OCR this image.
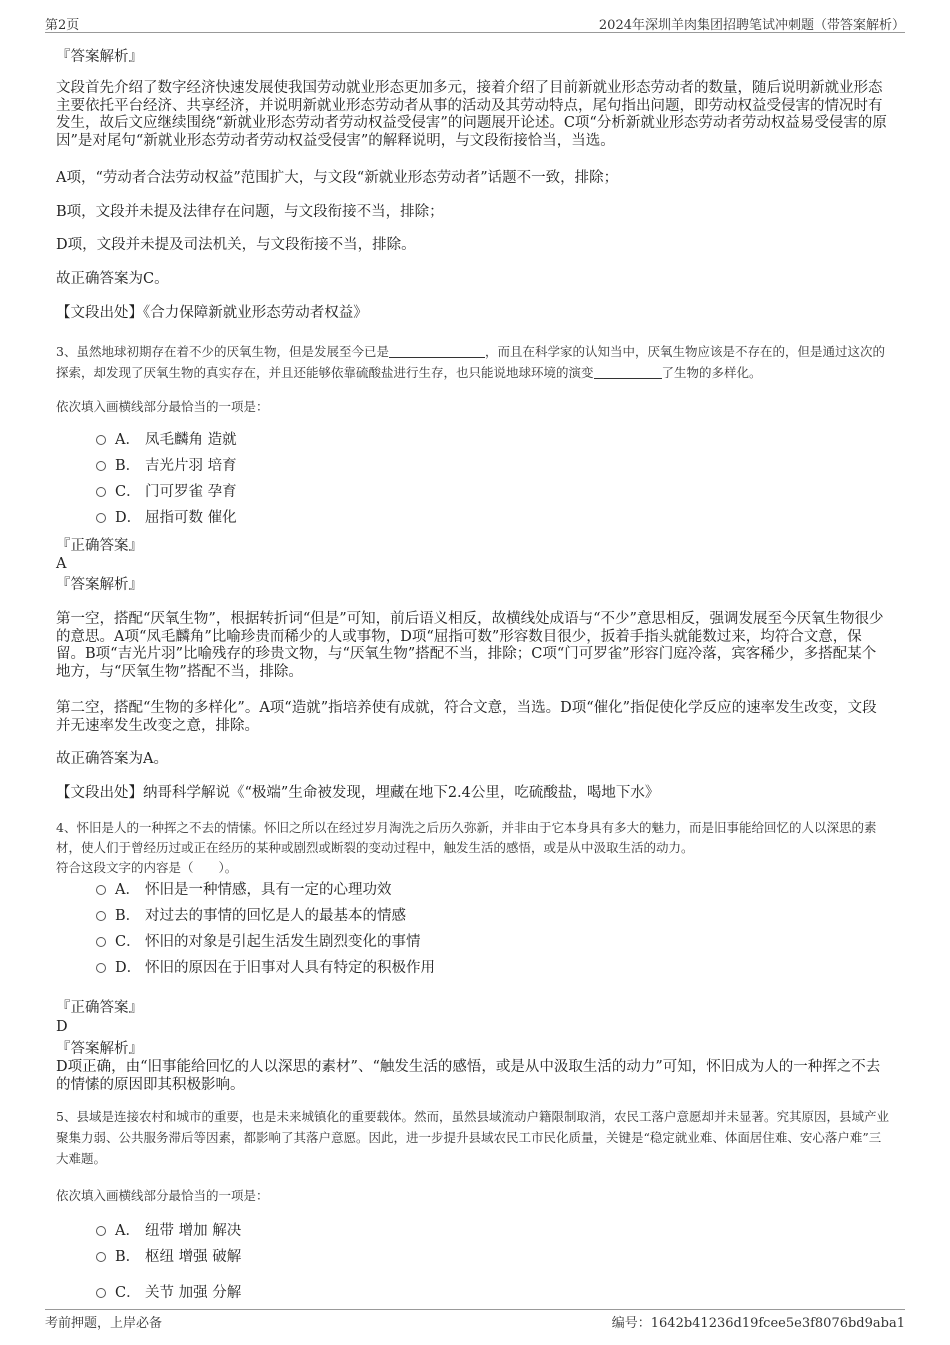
第2页	2024年深圳羊肉集团招聘笔试冲刺题（带答案解析）

『答案解析』

文段首先介绍了数字经济快速发展使我国劳动就业形态更加多元，接着介绍了目前新就业形态劳动者的数量，随后说明新就业形态主要依托平台经济、共享经济，并说明新就业形态劳动者从事的活动及其劳动特点，尾句指出问题，即劳动权益受侵害的情况时有发生，故后文应继续围绕“新就业形态劳动者劳动权益受侵害”的问题展开论述。C项“分析新就业形态劳动者劳动权益易受侵害的原因”是对尾句“新就业形态劳动者劳动权益受侵害”的解释说明，与文段衔接恰当，当选。

A项，“劳动者合法劳动权益”范围扩大，与文段“新就业形态劳动者”话题不一致，排除；

B项，文段并未提及法律存在问题，与文段衔接不当，排除；

D项，文段并未提及司法机关，与文段衔接不当，排除。

故正确答案为C。

【文段出处】《合力保障新就业形态劳动者权益》

3、虽然地球初期存在着不少的厌氧生物，但是发展至今已是	，而且在科学家的认知当中，厌氧生物应该是不存在的，但是通过这次的探索，却发现了厌氧生物的真实存在，并且还能够依靠硫酸盐进行生存，也只能说地球环境的演变	了生物的多样化。

依次填入画横线部分最恰当的一项是：

A． 凤毛麟角 造就
B． 吉光片羽 培育
C． 门可罗雀 孕育
D． 屈指可数 催化

『正确答案』

A

『答案解析』

第一空，搭配“厌氧生物”，根据转折词“但是”可知，前后语义相反，故横线处成语与“不少”意思相反，强调发展至今厌氧生物很少的意思。A项“凤毛麟角”比喻珍贵而稀少的人或事物，D项“屈指可数”形容数目很少，扳着手指头就能数过来，均符合文意，保留。B项“吉光片羽”比喻残存的珍贵文物，与“厌氧生物”搭配不当，排除；C项“门可罗雀”形容门庭冷落，宾客稀少，多搭配某个地方，与“厌氧生物”搭配不当，排除。

第二空，搭配“生物的多样化”。A项“造就”指培养使有成就，符合文意，当选。D项“催化”指促使化学反应的速率发生改变，文段并无速率发生改变之意，排除。

故正确答案为A。

【文段出处】纳哥科学解说《“极端”生命被发现，埋藏在地下2.4公里，吃硫酸盐，喝地下水》

4、怀旧是人的一种挥之不去的情愫。怀旧之所以在经过岁月淘洗之后历久弥新，并非由于它本身具有多大的魅力，而是旧事能给回忆的人以深思的素材，使人们于曾经历过或正在经历的某种或剧烈或断裂的变动过程中，触发生活的感悟，或是从中汲取生活的动力。

符合这段文字的内容是（　　）。

A． 怀旧是一种情感，具有一定的心理功效
B． 对过去的事情的回忆是人的最基本的情感
C． 怀旧的对象是引起生活发生剧烈变化的事情
D． 怀旧的原因在于旧事对人具有特定的积极作用

『正确答案』

D

『答案解析』

D项正确，由“旧事能给回忆的人以深思的素材”、“触发生活的感悟，或是从中汲取生活的动力”可知，怀旧成为人的一种挥之不去的情愫的原因即其积极影响。

5、县域是连接农村和城市的重要，也是未来城镇化的重要载体。然而，虽然县域流动户籍限制取消，农民工落户意愿却并未显著。究其原因，县域产业聚集力弱、公共服务滞后等因素，都影响了其落户意愿。因此，进一步提升县域农民工市民化质量，关键是“稳定就业难、体面居住难、安心落户难”三大难题。

依次填入画横线部分最恰当的一项是：

A． 纽带 增加 解决
B． 枢纽 增强 破解
C． 关节 加强 分解
考前押题，上岸必备	编号：1642b41236d19fcee5e3f8076bd9aba1
